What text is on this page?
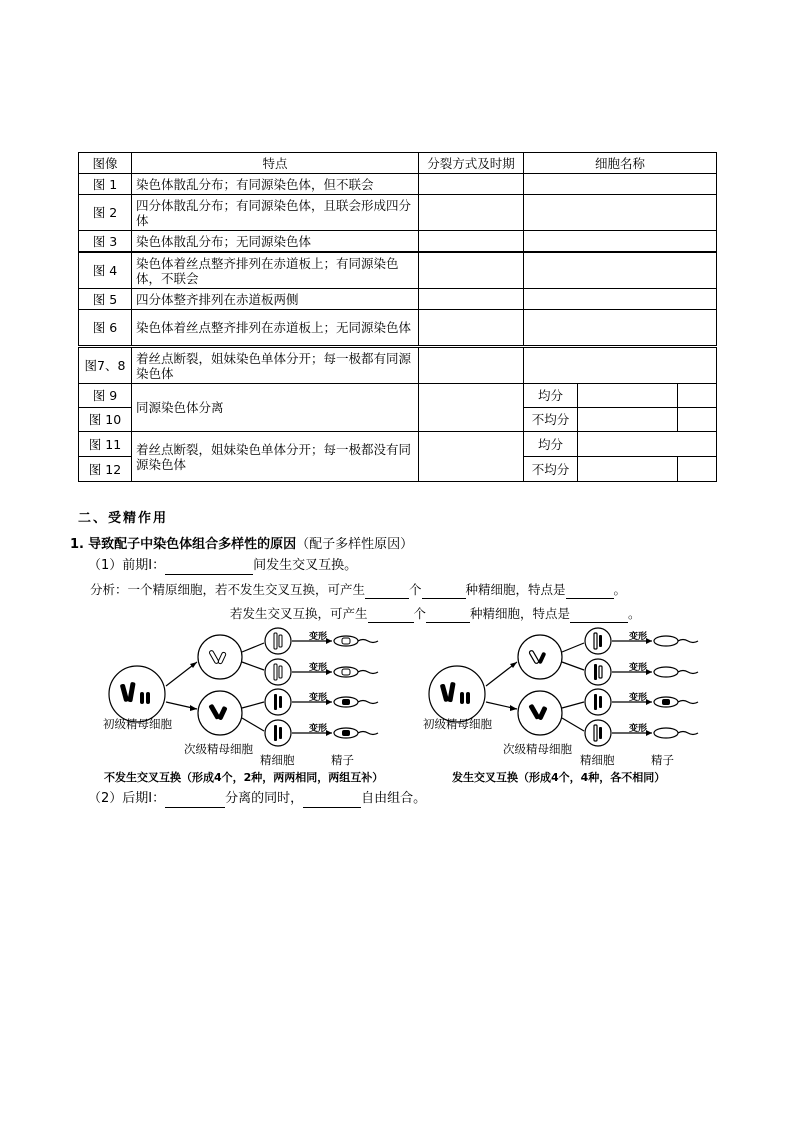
图像	特点	分裂方式及时期	细胞名称		
图 1	染色体散乱分布；有同源染色体，但不联会				
图 2	四分体散乱分布；有同源染色体，且联会形成四分体				
图 3	染色体散乱分布；无同源染色体				
图 4	染色体着丝点整齐排列在赤道板上；有同源染色体，不联会				
图 5	四分体整齐排列在赤道板两侧				
图 6	染色体着丝点整齐排列在赤道板上；无同源染色体				
图7、8	着丝点断裂，姐妹染色单体分开；每一极都有同源染色体				
图 9	同源染色体分离		均分		
图 10			不均分		
图 11	着丝点断裂，姐妹染色单体分开；每一极都没有同源染色体		均分		
图 12			不均分		
二、受精作用
1. 导致配子中染色体组合多样性的原因（配子多样性原因）
（1）前期Ⅰ：	间发生交叉互换。
分析：一个精原细胞，若不发生交叉互换，可产生	个	种精细胞，特点是	。
若发生交叉互换，可产生	个	种精细胞，特点是	。
变形
变形
变形
变形
初级精母细胞
次级精母细胞
精细胞	精子
不发生交叉互换（形成4个，2种，两两相同，两组互补）
变形
变形
变形
变形
初级精母细胞
次级精母细胞
精细胞	精子
发生交叉互换（形成4个，4种，各不相同）
（2）后期Ⅰ：	分离的同时，	自由组合。
